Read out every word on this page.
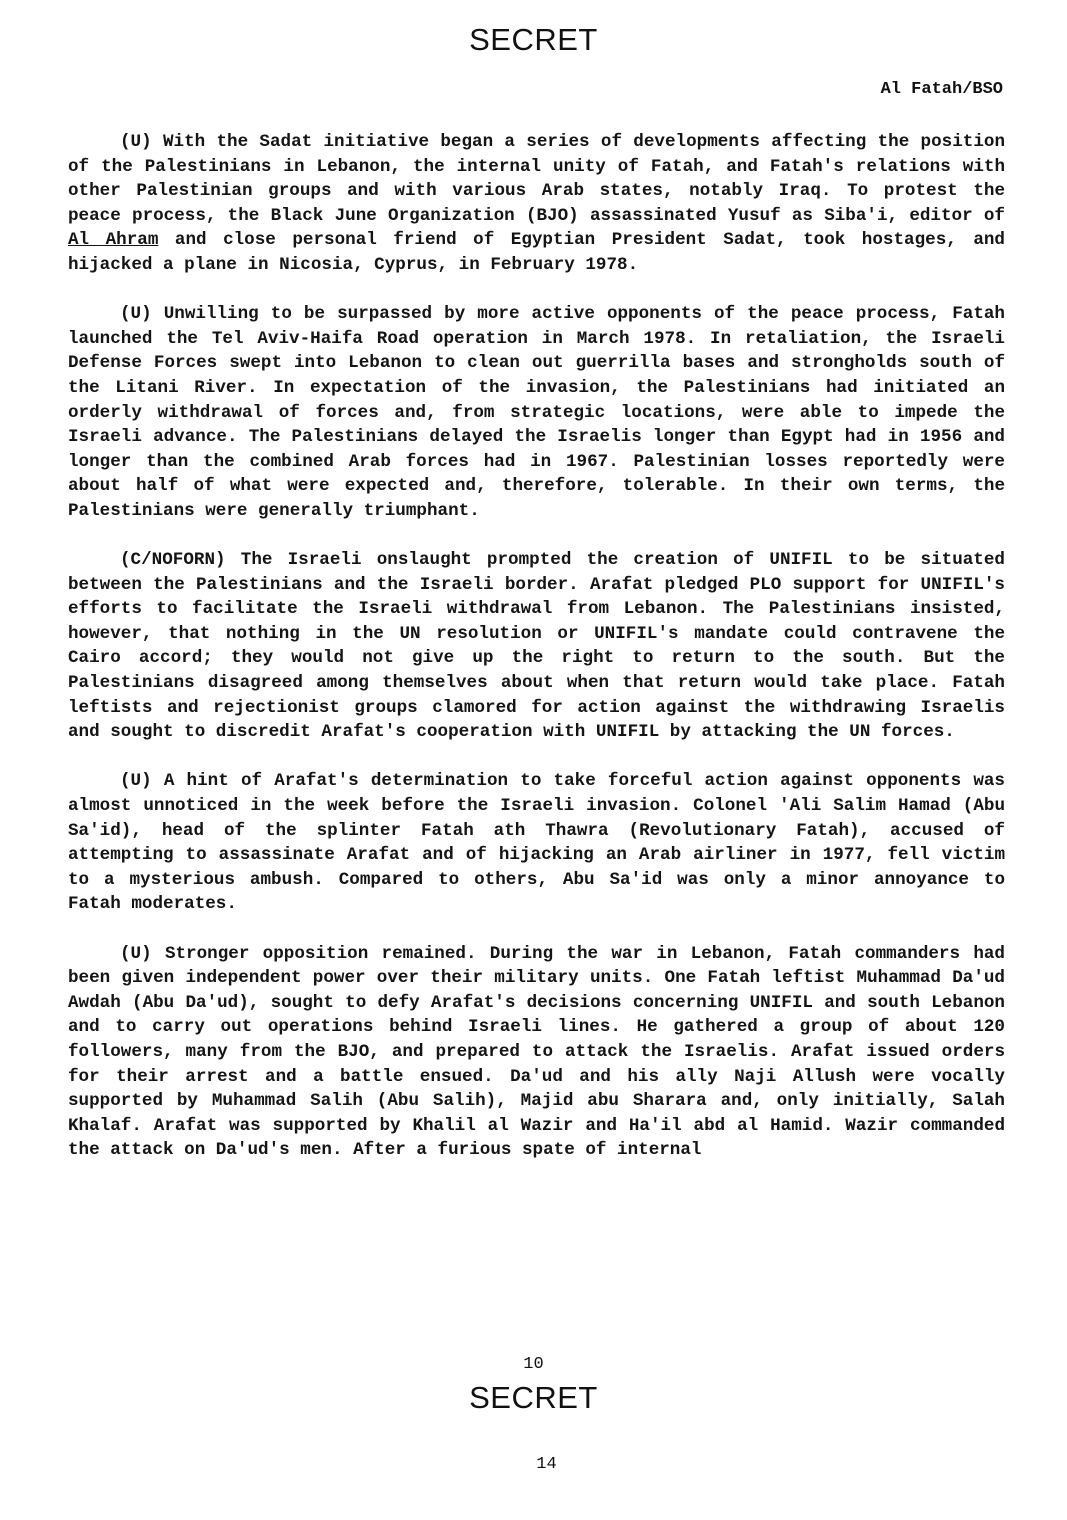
SECRET
Al Fatah/BSO

(U) With the Sadat initiative began a series of developments affecting the position of the Palestinians in Lebanon, the internal unity of Fatah, and Fatah's relations with other Palestinian groups and with various Arab states, notably Iraq. To protest the peace process, the Black June Organization (BJO) assassinated Yusuf as Siba'i, editor of Al Ahram and close personal friend of Egyptian President Sadat, took hostages, and hijacked a plane in Nicosia, Cyprus, in February 1978.

(U) Unwilling to be surpassed by more active opponents of the peace process, Fatah launched the Tel Aviv-Haifa Road operation in March 1978. In retaliation, the Israeli Defense Forces swept into Lebanon to clean out guerrilla bases and strongholds south of the Litani River. In expectation of the invasion, the Palestinians had initiated an orderly withdrawal of forces and, from strategic locations, were able to impede the Israeli advance. The Palestinians delayed the Israelis longer than Egypt had in 1956 and longer than the combined Arab forces had in 1967. Palestinian losses reportedly were about half of what were expected and, therefore, tolerable. In their own terms, the Palestinians were generally triumphant.

(C/NOFORN) The Israeli onslaught prompted the creation of UNIFIL to be situated between the Palestinians and the Israeli border. Arafat pledged PLO support for UNIFIL's efforts to facilitate the Israeli withdrawal from Lebanon. The Palestinians insisted, however, that nothing in the UN resolution or UNIFIL's mandate could contravene the Cairo accord; they would not give up the right to return to the south. But the Palestinians disagreed among themselves about when that return would take place. Fatah leftists and rejectionist groups clamored for action against the withdrawing Israelis and sought to discredit Arafat's cooperation with UNIFIL by attacking the UN forces.

(U) A hint of Arafat's determination to take forceful action against opponents was almost unnoticed in the week before the Israeli invasion. Colonel 'Ali Salim Hamad (Abu Sa'id), head of the splinter Fatah ath Thawra (Revolutionary Fatah), accused of attempting to assassinate Arafat and of hijacking an Arab airliner in 1977, fell victim to a mysterious ambush. Compared to others, Abu Sa'id was only a minor annoyance to Fatah moderates.

(U) Stronger opposition remained. During the war in Lebanon, Fatah commanders had been given independent power over their military units. One Fatah leftist Muhammad Da'ud Awdah (Abu Da'ud), sought to defy Arafat's decisions concerning UNIFIL and south Lebanon and to carry out operations behind Israeli lines. He gathered a group of about 120 followers, many from the BJO, and prepared to attack the Israelis. Arafat issued orders for their arrest and a battle ensued. Da'ud and his ally Naji Allush were vocally supported by Muhammad Salih (Abu Salih), Majid abu Sharara and, only initially, Salah Khalaf. Arafat was supported by Khalil al Wazir and Ha'il abd al Hamid. Wazir commanded the attack on Da'ud's men. After a furious spate of internal

10
SECRET
14
